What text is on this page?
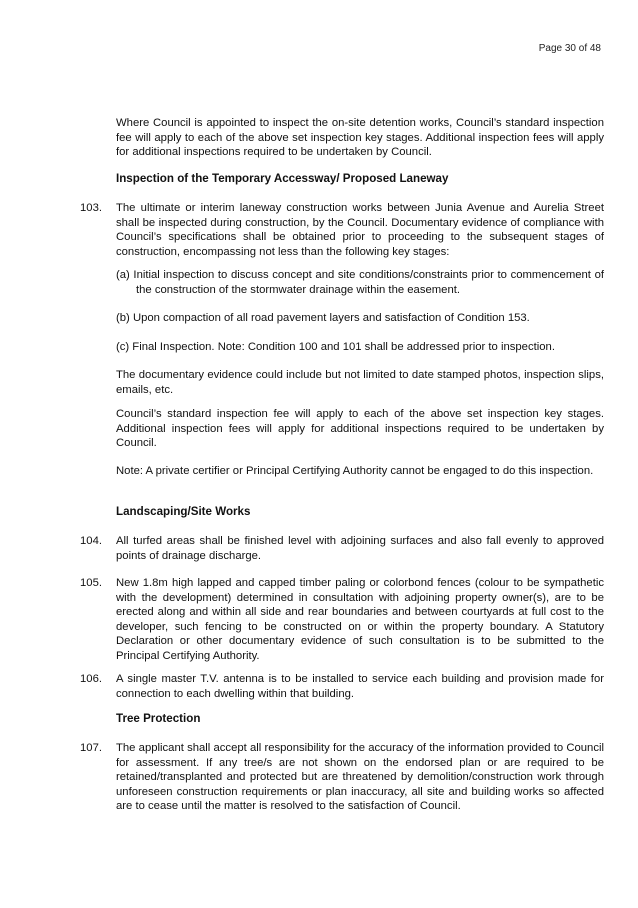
Page 30 of 48

Where Council is appointed to inspect the on-site detention works, Council’s standard inspection fee will apply to each of the above set inspection key stages. Additional inspection fees will apply for additional inspections required to be undertaken by Council.

Inspection of the Temporary Accessway/ Proposed Laneway

103. The ultimate or interim laneway construction works between Junia Avenue and Aurelia Street shall be inspected during construction, by the Council. Documentary evidence of compliance with Council’s specifications shall be obtained prior to proceeding to the subsequent stages of construction, encompassing not less than the following key stages:

(a) Initial inspection to discuss concept and site conditions/constraints prior to commencement of the construction of the stormwater drainage within the easement.

(b) Upon compaction of all road pavement layers and satisfaction of Condition 153.

(c) Final Inspection. Note: Condition 100 and 101 shall be addressed prior to inspection.

The documentary evidence could include but not limited to date stamped photos, inspection slips, emails, etc.

Council’s standard inspection fee will apply to each of the above set inspection key stages. Additional inspection fees will apply for additional inspections required to be undertaken by Council.

Note: A private certifier or Principal Certifying Authority cannot be engaged to do this inspection.

Landscaping/Site Works

104. All turfed areas shall be finished level with adjoining surfaces and also fall evenly to approved points of drainage discharge.

105. New 1.8m high lapped and capped timber paling or colorbond fences (colour to be sympathetic with the development) determined in consultation with adjoining property owner(s), are to be erected along and within all side and rear boundaries and between courtyards at full cost to the developer, such fencing to be constructed on or within the property boundary. A Statutory Declaration or other documentary evidence of such consultation is to be submitted to the Principal Certifying Authority.

106. A single master T.V. antenna is to be installed to service each building and provision made for connection to each dwelling within that building.

Tree Protection

107. The applicant shall accept all responsibility for the accuracy of the information provided to Council for assessment. If any tree/s are not shown on the endorsed plan or are required to be retained/transplanted and protected but are threatened by demolition/construction work through unforeseen construction requirements or plan inaccuracy, all site and building works so affected are to cease until the matter is resolved to the satisfaction of Council.
